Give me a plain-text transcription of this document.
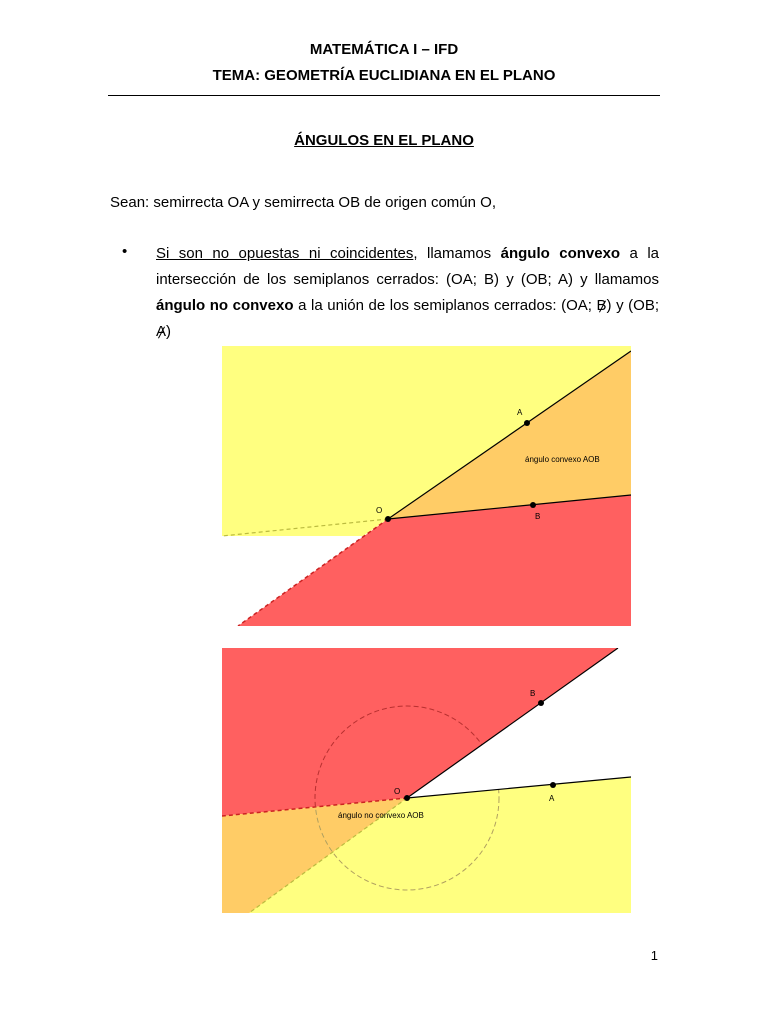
MATEMÁTICA I – IFD
TEMA: GEOMETRÍA EUCLIDIANA EN EL PLANO
ÁNGULOS EN EL PLANO
Sean: semirrecta OA y semirrecta OB de origen común O,
• Si son no opuestas ni coincidentes, llamamos ángulo convexo a la intersección de los semiplanos cerrados: (OA; B) y (OB; A) y llamamos ángulo no convexo a la unión de los semiplanos cerrados: (OA; B) y (OB; A)
O
A
B
ángulo convexo AOB
O
A
B
ángulo no convexo AOB
1
